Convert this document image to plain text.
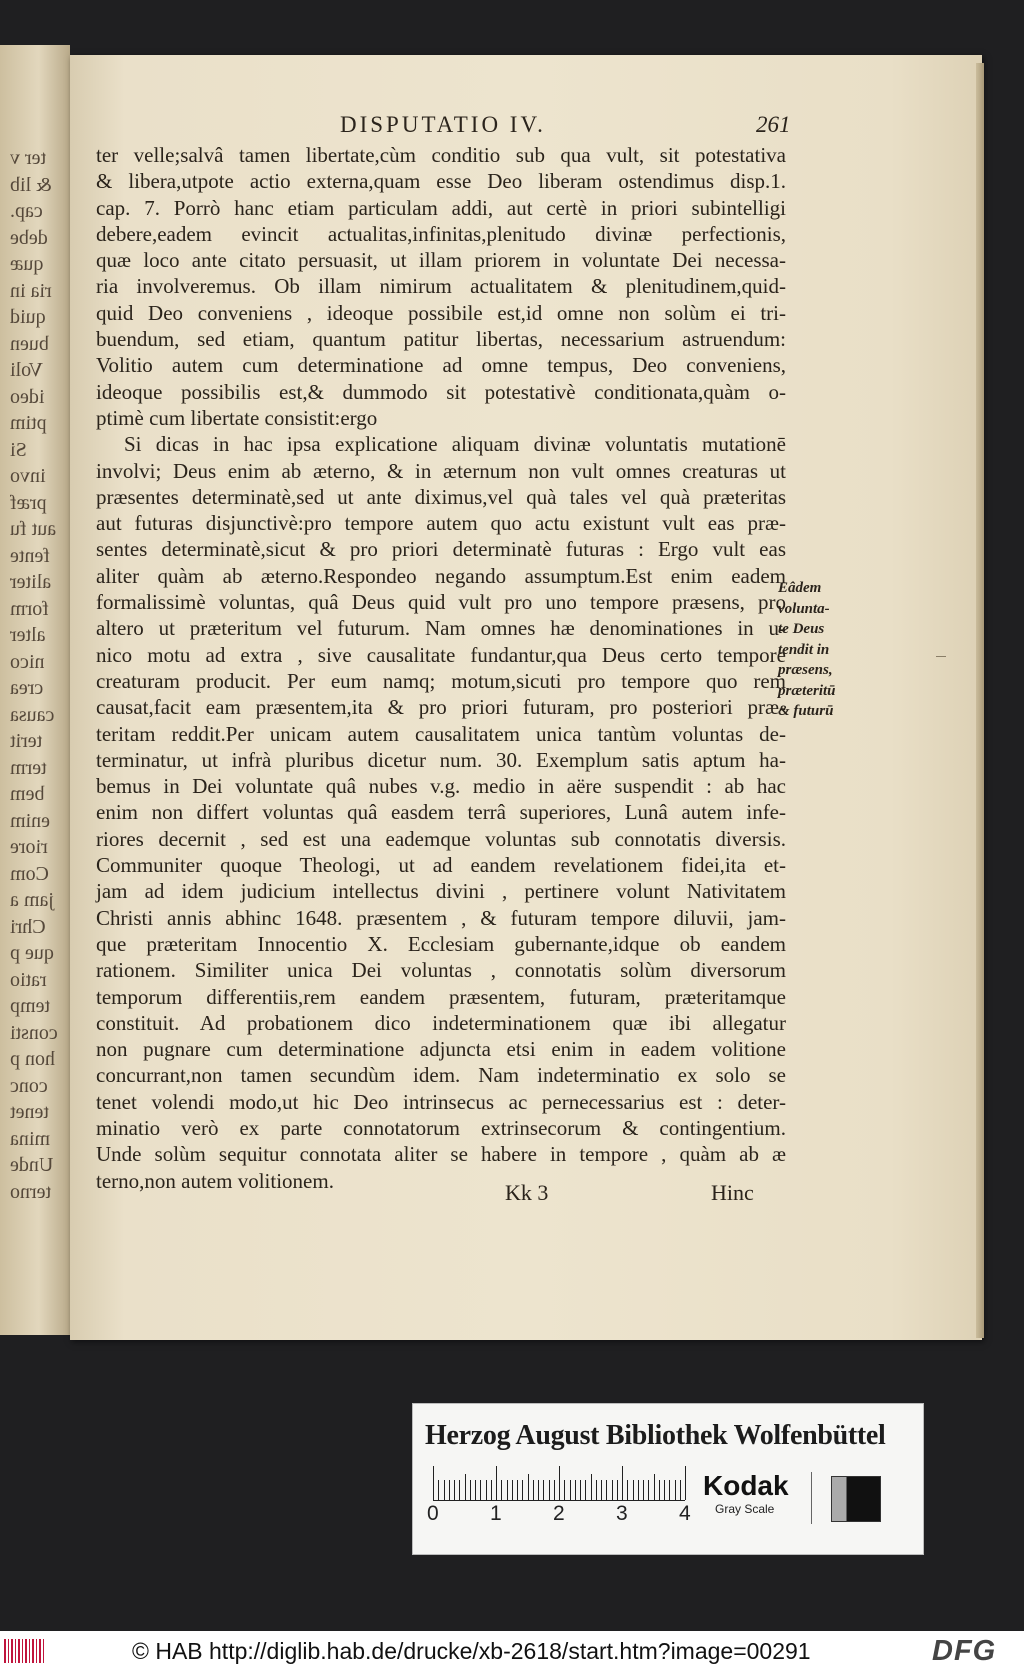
ter v
& lib
cap.
debe
quæ
ria in
quid
buen
Voli
ideo
ptim
Si
invo
præf
aut fu
fente
aliter
form
alter
nico
crea
causa
terit
term
bem
enim
riore
Com
jam a
Chri
que p
ratio
temp
consti
hon p
conc
tenet
mina
Unde
terno
DISPUTATIO IV.	261
ter velle;salvâ tamen libertate,cùm conditio sub qua vult, sit potestativa
& libera,utpote actio externa,quam esse Deo liberam ostendimus disp.1.
cap. 7. Porrò hanc etiam particulam addi, aut certè in priori subintelligi
debere,eadem evincit actualitas,infinitas,plenitudo divinæ perfectionis,
quæ loco ante citato persuasit, ut illam priorem in voluntate Dei necessa-
ria involveremus. Ob illam nimirum actualitatem & plenitudinem,quid-
quid Deo conveniens , ideoque possibile est,id omne non solùm ei tri-
buendum, sed etiam, quantum patitur libertas, necessarium astruendum:
Volitio autem cum determinatione ad omne tempus, Deo conveniens,
ideoque possibilis est,& dummodo sit potestativè conditionata,quàm o-
ptimè cum libertate consistit:ergo
Si dicas in hac ipsa explicatione aliquam divinæ voluntatis mutationē
involvi; Deus enim ab æterno, & in æternum non vult omnes creaturas ut
præsentes determinatè,sed ut ante diximus,vel quà tales vel quà præteritas
aut futuras disjunctivè:pro tempore autem quo actu existunt vult eas præ-
sentes determinatè,sicut & pro priori determinatè futuras : Ergo vult eas
aliter quàm ab æterno.Respondeo negando assumptum.Est enim eadem
formalissimè voluntas, quâ Deus quid vult pro uno tempore præsens, pro
altero ut præteritum vel futurum. Nam omnes hæ denominationes in u-
nico motu ad extra , sive causalitate fundantur,qua Deus certo tempore
creaturam producit. Per eum namq; motum,sicuti pro tempore quo rem
causat,facit eam præsentem,ita & pro priori futuram, pro posteriori præ-
teritam reddit.Per unicam autem causalitatem unica tantùm voluntas de-
terminatur, ut infrà pluribus dicetur num. 30. Exemplum satis aptum ha-
bemus in Dei voluntate quâ nubes v.g. medio in aëre suspendit : ab hac
enim non differt voluntas quâ easdem terrâ superiores, Lunâ autem infe-
riores decernit , sed est una eademque voluntas sub connotatis diversis.
Communiter quoque Theologi, ut ad eandem revelationem fidei,ita et-
jam ad idem judicium intellectus divini , pertinere volunt Nativitatem
Christi annis abhinc 1648. præsentem , & futuram tempore diluvii, jam-
que præteritam Innocentio X. Ecclesiam gubernante,idque ob eandem
rationem. Similiter unica Dei voluntas , connotatis solùm diversorum
temporum differentiis,rem eandem præsentem, futuram, præteritamque
constituit. Ad probationem dico indeterminationem quæ ibi allegatur
non pugnare cum determinatione adjuncta etsi enim in eadem volitione
concurrant,non tamen secundùm idem. Nam indeterminatio ex solo se
tenet volendi modo,ut hic Deo intrinsecus ac pernecessarius est : deter-
minatio verò ex parte connotatorum extrinsecorum & contingentium.
Unde solùm sequitur connotata aliter se habere in tempore , quàm ab æ
terno,non autem volitionem.
Eâdem
volunta-
te Deus
tendit in
præsens,
præteritū
& futurū
Kk 3	Hinc
Herzog August Bibliothek Wolfenbüttel
0 1 2 3 4
Kodak
Gray Scale
© HAB http://diglib.hab.de/drucke/xb-2618/start.htm?image=00291	DFG
